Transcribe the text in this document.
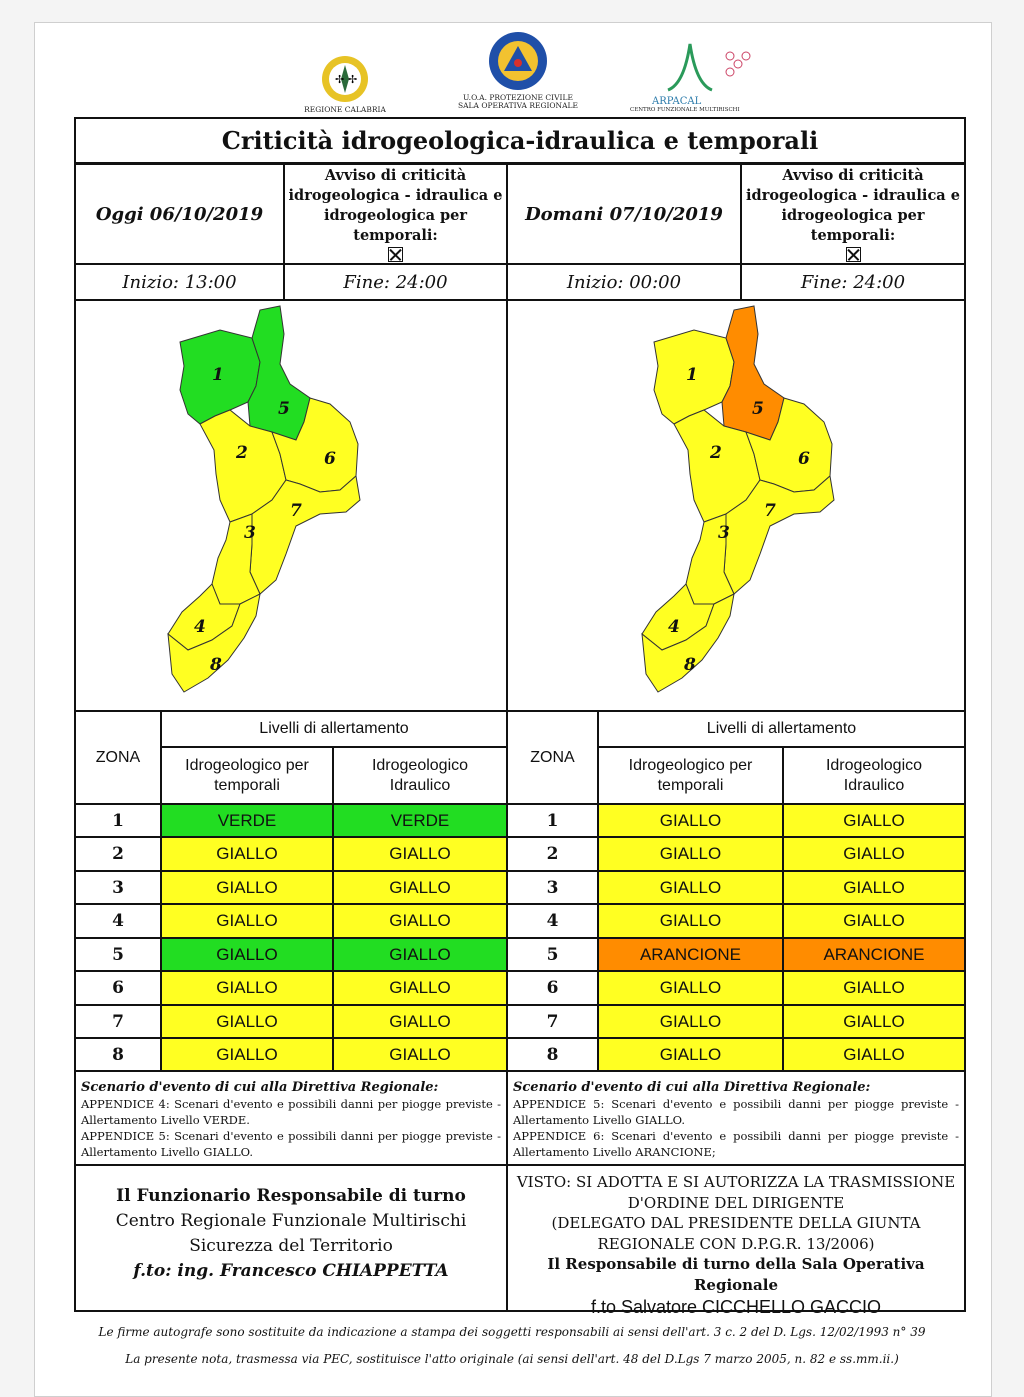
✢ ✢
REGIONE CALABRIA
U.O.A. PROTEZIONE CIVILE
SALA OPERATIVA REGIONALE	ARPACAL
CENTRO FUNZIONALE MULTIRISCHI
Criticità idrogeologica-idraulica e temporali
Oggi 06/10/2019
Avviso di criticità
idrogeologica - idraulica e
idrogeologica per temporali:
Inizio: 13:00	Fine: 24:00
Domani 07/10/2019
Avviso di criticità
idrogeologica - idraulica e
idrogeologica per temporali:
Inizio: 00:00	Fine: 24:00
1
5
2	6
7
3
4
8
1
5
2	6
7
3
4
8
ZONA
Livelli di allertamento
Idrogeologico per
temporali
Idrogeologico
Idraulico
ZONA
Livelli di allertamento
Idrogeologico per
temporali
Idrogeologico
Idraulico
1	VERDE	VERDE
2	GIALLO	GIALLO
3	GIALLO	GIALLO
4	GIALLO	GIALLO
5	GIALLO	GIALLO
6	GIALLO	GIALLO
7	GIALLO	GIALLO
8	GIALLO	GIALLO
1	GIALLO	GIALLO
2	GIALLO	GIALLO
3	GIALLO	GIALLO
4	GIALLO	GIALLO
5	ARANCIONE	ARANCIONE
6	GIALLO	GIALLO
7	GIALLO	GIALLO
8	GIALLO	GIALLO
Scenario d'evento di cui alla Direttiva Regionale:
APPENDICE 4: Scenari d'evento e possibili danni per piogge previste - Allertamento Livello VERDE.
APPENDICE 5: Scenari d'evento e possibili danni per piogge previste - Allertamento Livello GIALLO.
Scenario d'evento di cui alla Direttiva Regionale:
APPENDICE 5: Scenari d'evento e possibili danni per piogge previste - Allertamento Livello GIALLO.
APPENDICE 6: Scenari d'evento e possibili danni per piogge previste - Allertamento Livello ARANCIONE;
Il Funzionario Responsabile di turno
Centro Regionale Funzionale Multirischi
Sicurezza del Territorio
f.to: ing. Francesco CHIAPPETTA
VISTO: SI ADOTTA E SI AUTORIZZA LA TRASMISSIONE
D'ORDINE DEL DIRIGENTE
(DELEGATO DAL PRESIDENTE DELLA GIUNTA
REGIONALE CON D.P.G.R. 13/2006)
Il Responsabile di turno della Sala Operativa Regionale
f.to Salvatore CICCHELLO GACCIO
Le firme autografe sono sostituite da indicazione a stampa dei soggetti responsabili ai sensi dell'art. 3 c. 2 del D. Lgs. 12/02/1993 n° 39
La presente nota, trasmessa via PEC, sostituisce l'atto originale (ai sensi dell'art. 48 del D.Lgs 7 marzo 2005, n. 82 e ss.mm.ii.)
